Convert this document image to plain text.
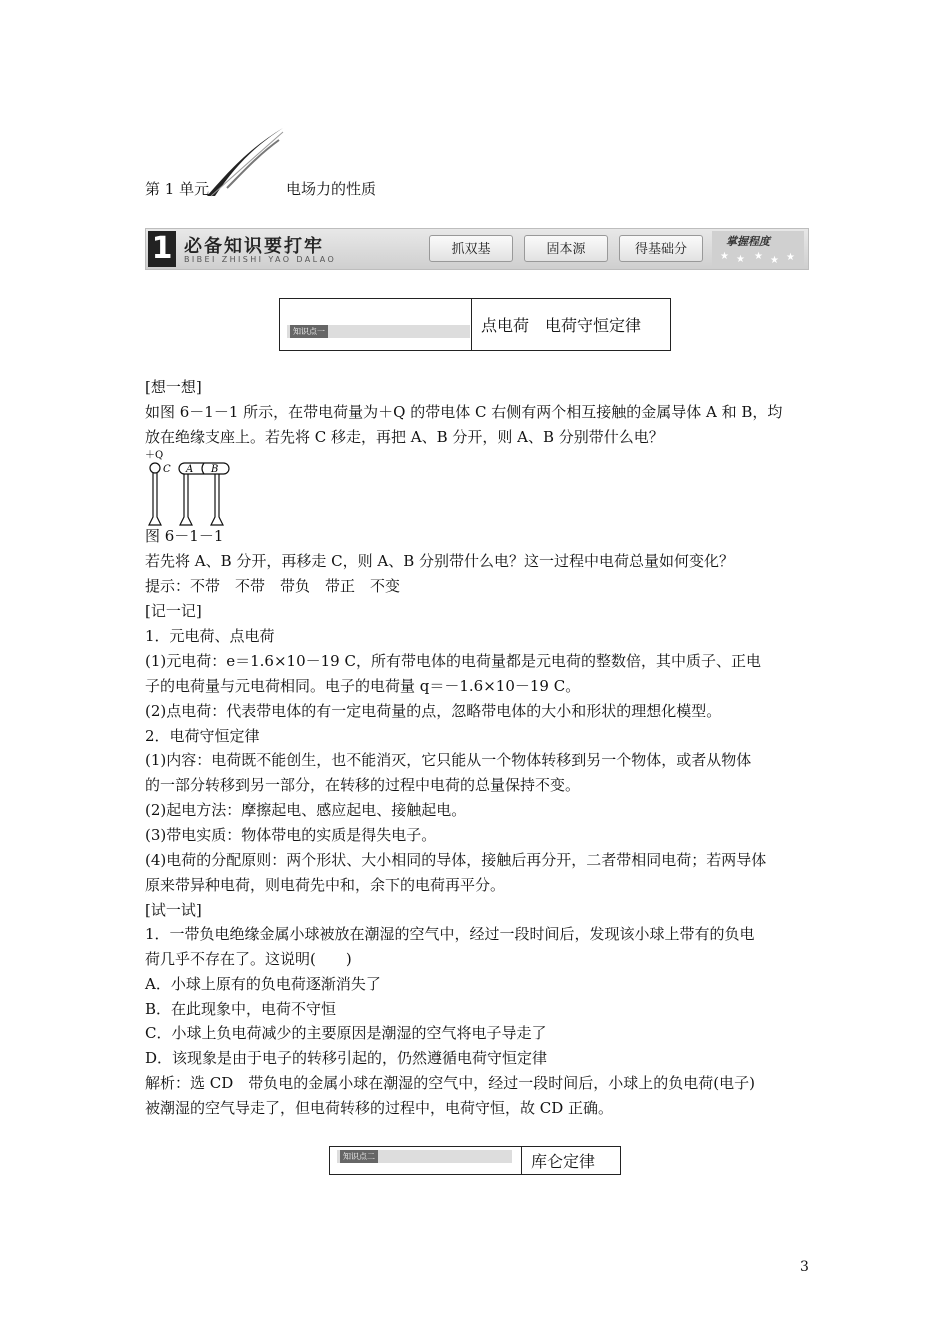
第 1 单元	电场力的性质
1 必备知识要打牢
BIBEI ZHISHI YAO DALAO
抓双基	固本源	得基础分
掌握程度
★ ★ ★ ★ ★
知识点一	点电荷　电荷守恒定律
[想一想]
如图 6－1－1 所示，在带电荷量为＋Q 的带电体 C 右侧有两个相互接触的金属导体 A 和 B，均
放在绝缘支座上。若先将 C 移走，再把 A、B 分开，则 A、B 分别带什么电？
＋Q
C A B
图 6－1－1
若先将 A、B 分开，再移走 C，则 A、B 分别带什么电？这一过程中电荷总量如何变化？
提示：不带　不带　带负　带正　不变
[记一记]
1．元电荷、点电荷
(1)元电荷：e＝1.6×10－19 C，所有带电体的电荷量都是元电荷的整数倍，其中质子、正电
子的电荷量与元电荷相同。电子的电荷量 q＝－1.6×10－19 C。
(2)点电荷：代表带电体的有一定电荷量的点，忽略带电体的大小和形状的理想化模型。
2．电荷守恒定律
(1)内容：电荷既不能创生，也不能消灭，它只能从一个物体转移到另一个物体，或者从物体
的一部分转移到另一部分，在转移的过程中电荷的总量保持不变。
(2)起电方法：摩擦起电、感应起电、接触起电。
(3)带电实质：物体带电的实质是得失电子。
(4)电荷的分配原则：两个形状、大小相同的导体，接触后再分开，二者带相同电荷；若两导体
原来带异种电荷，则电荷先中和，余下的电荷再平分。
[试一试]
1．一带负电绝缘金属小球被放在潮湿的空气中，经过一段时间后，发现该小球上带有的负电
荷几乎不存在了。这说明(　　)
A．小球上原有的负电荷逐渐消失了
B．在此现象中，电荷不守恒
C．小球上负电荷减少的主要原因是潮湿的空气将电子导走了
D．该现象是由于电子的转移引起的，仍然遵循电荷守恒定律
解析：选 CD　带负电的金属小球在潮湿的空气中，经过一段时间后，小球上的负电荷(电子)
被潮湿的空气导走了，但电荷转移的过程中，电荷守恒，故 CD 正确。
知识点二	库仑定律
3
